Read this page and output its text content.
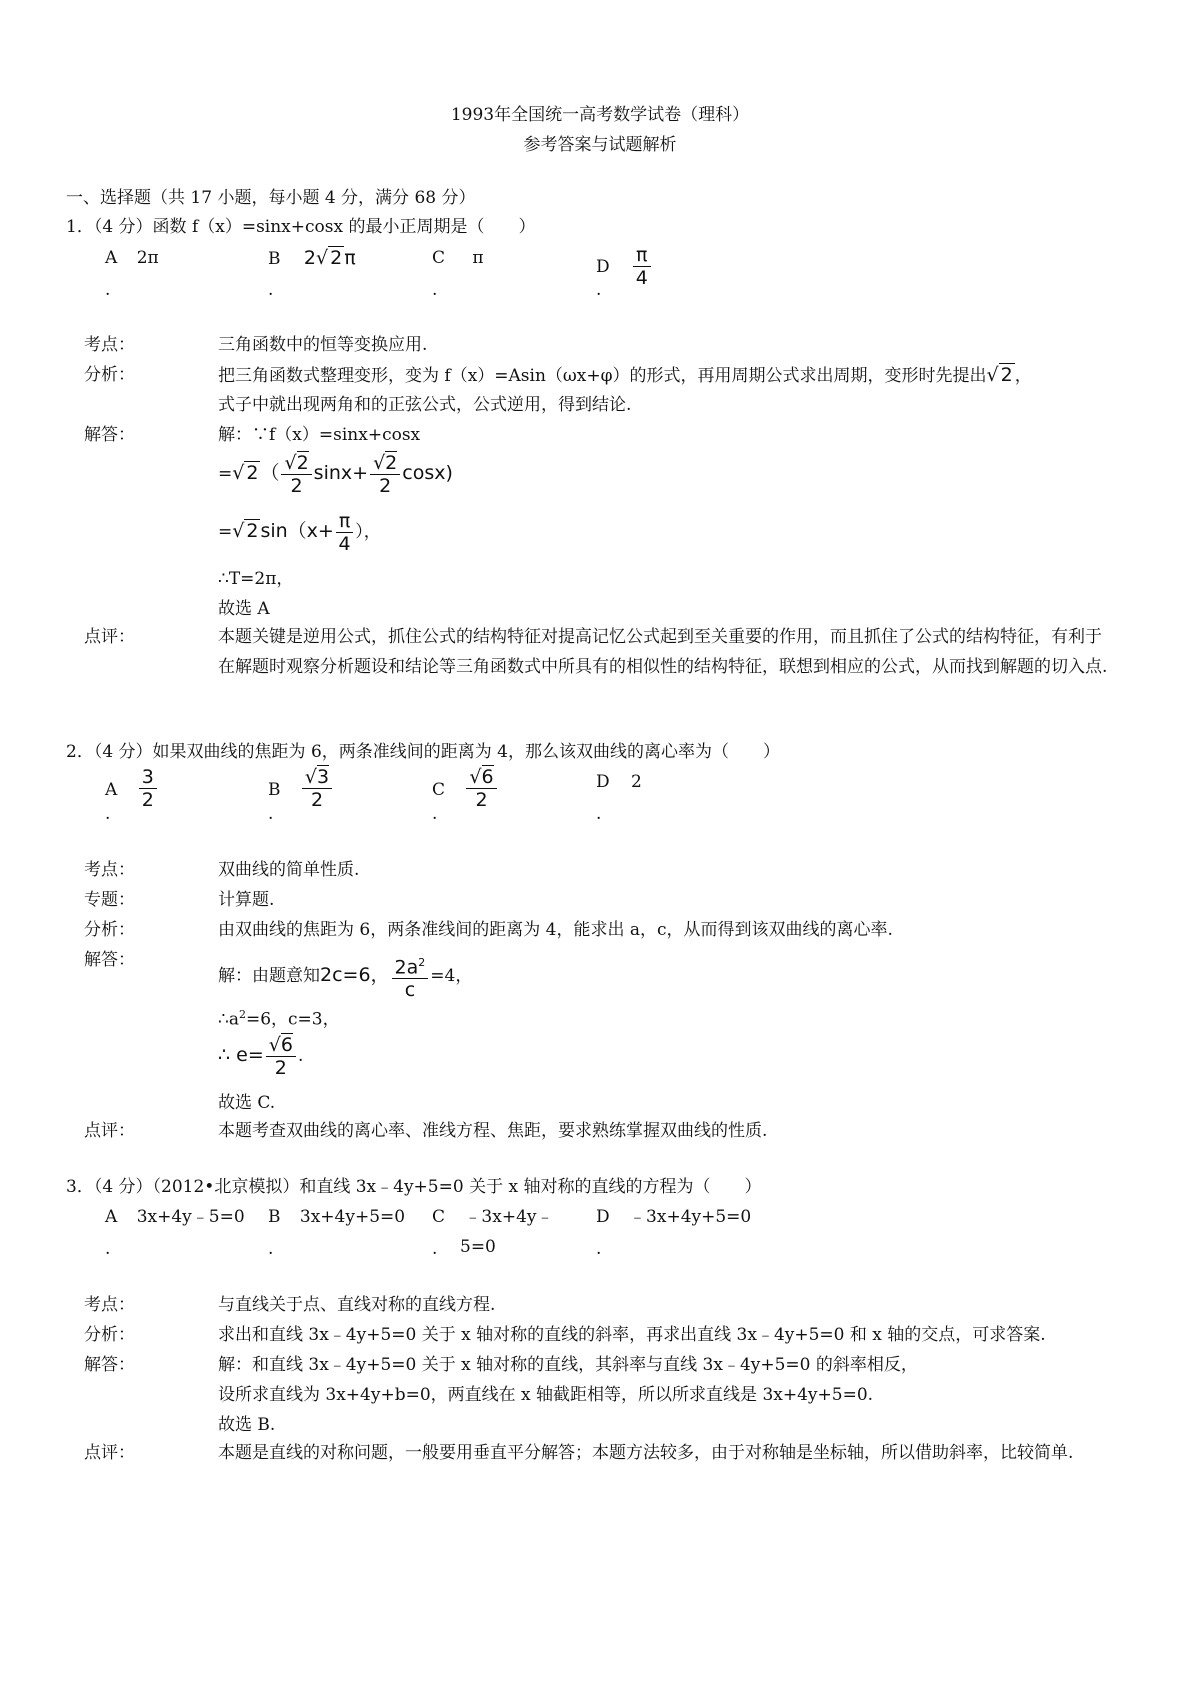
1993年全国统一高考数学试卷（理科）
参考答案与试题解析
一、选择题（共 17 小题，每小题 4 分，满分 68 分）
1．（4 分）函数 f（x）=sinx+cosx 的最小正周期是（　　）
A 2π
.
B 2√ 2 π
.
C π
.
D $\frac{\pi}{4}$
.
考点：	三角函数中的恒等变换应用.
分析：	把三角函数式整理变形，变为 f（x）=Asin（ωx+φ）的形式，再用周期公式求出周期，变形时先提出√ 2 ，
式子中就出现两角和的正弦公式，公式逆用，得到结论.
解答：	解：∵f（x）=sinx+cosx
=√ 2 （ $\frac{√2}{2} \sin x+ \frac{√2}{2} \cos x$)
=√ 2 $\sin(x+ \frac{\pi}{4}$ ），
∴T=2π，
故选 A
点评：	本题关键是逆用公式，抓住公式的结构特征对提高记忆公式起到至关重要的作用，而且抓住了公式的结构特征，有利于在解题时观察分析题设和结论等三角函数式中所具有的相似性的结构特征，联想到相应的公式，从而找到解题的切入点.
2．（4 分）如果双曲线的焦距为 6，两条准线间的距离为 4，那么该双曲线的离心率为（　　）
A $\frac{3}{2}$
.
B $\frac{√3}{2}$
.
C $\frac{√6}{2}$
.
D 2
.
考点：	双曲线的简单性质.
专题：	计算题.
分析：	由双曲线的焦距为 6，两条准线间的距离为 4，能求出 a，c，从而得到该双曲线的离心率.
解答：
解：由题意知2c=6， $\frac{2a^2}{c} =4$，
$\therefore a^2=6$，c=3，
∴ $e= \frac{√6}{2}$ .
故选 C.
点评：	本题考查双曲线的离心率、准线方程、焦距，要求熟练掌握双曲线的性质.
3．（4 分）（2012•北京模拟）和直线 3x﹣4y+5=0 关于 x 轴对称的直线的方程为（　　）
A 3x+4y﹣5=0
.
B 3x+4y+5=0
.
C ﹣3x+4y﹣
. 5=0
D ﹣3x+4y+5=0
.
考点：	与直线关于点、直线对称的直线方程.
分析：	求出和直线 3x﹣4y+5=0 关于 x 轴对称的直线的斜率，再求出直线 3x﹣4y+5=0 和 x 轴的交点，可求答案.
解答：	解：和直线 3x﹣4y+5=0 关于 x 轴对称的直线，其斜率与直线 3x﹣4y+5=0 的斜率相反，
设所求直线为 3x+4y+b=0，两直线在 x 轴截距相等，所以所求直线是 3x+4y+5=0.
故选 B.
点评：	本题是直线的对称问题，一般要用垂直平分解答；本题方法较多，由于对称轴是坐标轴，所以借助斜率，比较简单.
